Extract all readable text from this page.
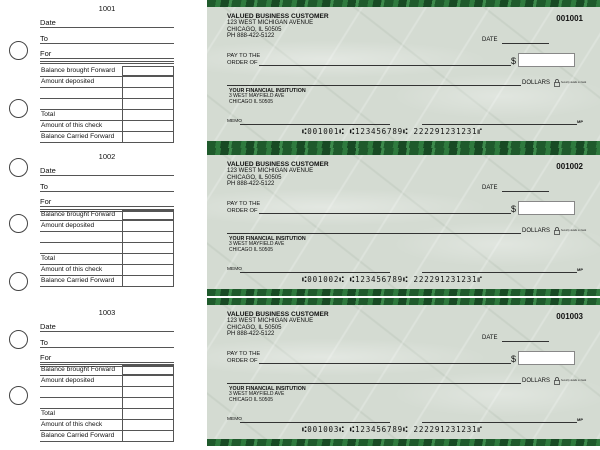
1001
Date
To
For
Balance brought Forward
Amount deposited
Total
Amount of this check
Balance Carried Forward
1002
Date
To
For
Balance brought Forward
Amount deposited
Total
Amount of this check
Balance Carried Forward
1003
Date
To
For
Balance brought Forward
Amount deposited
Total
Amount of this check
Balance Carried Forward
VALUED BUSINESS CUSTOMER
123 WEST MICHIGAN AVENUE
CHICAGO, IL 50505
PH 888-422-5122
001001
DATE
PAY TO THE
ORDER OF	$
DOLLARS	Security details on back
YOUR FINANCIAL INSITUTION
3 WEST MAYFIELD AVE
CHICAGO IL 50505
MEMO	MP
⑆001001⑆ ⑆123456789⑆ 222291231231⑈
VALUED BUSINESS CUSTOMER
123 WEST MICHIGAN AVENUE
CHICAGO, IL 50505
PH 888-422-5122
001002
DATE
PAY TO THE
ORDER OF	$
DOLLARS	Security details on back
YOUR FINANCIAL INSITUTION
3 WEST MAYFIELD AVE
CHICAGO IL 50505
MEMO	MP
⑆001002⑆ ⑆123456789⑆ 222291231231⑈
VALUED BUSINESS CUSTOMER
123 WEST MICHIGAN AVENUE
CHICAGO, IL 50505
PH 888-422-5122
001003
DATE
PAY TO THE
ORDER OF	$
DOLLARS	Security details on back
YOUR FINANCIAL INSITUTION
3 WEST MAYFIELD AVE
CHICAGO IL 50505
MEMO	MP
⑆001003⑆ ⑆123456789⑆ 222291231231⑈
